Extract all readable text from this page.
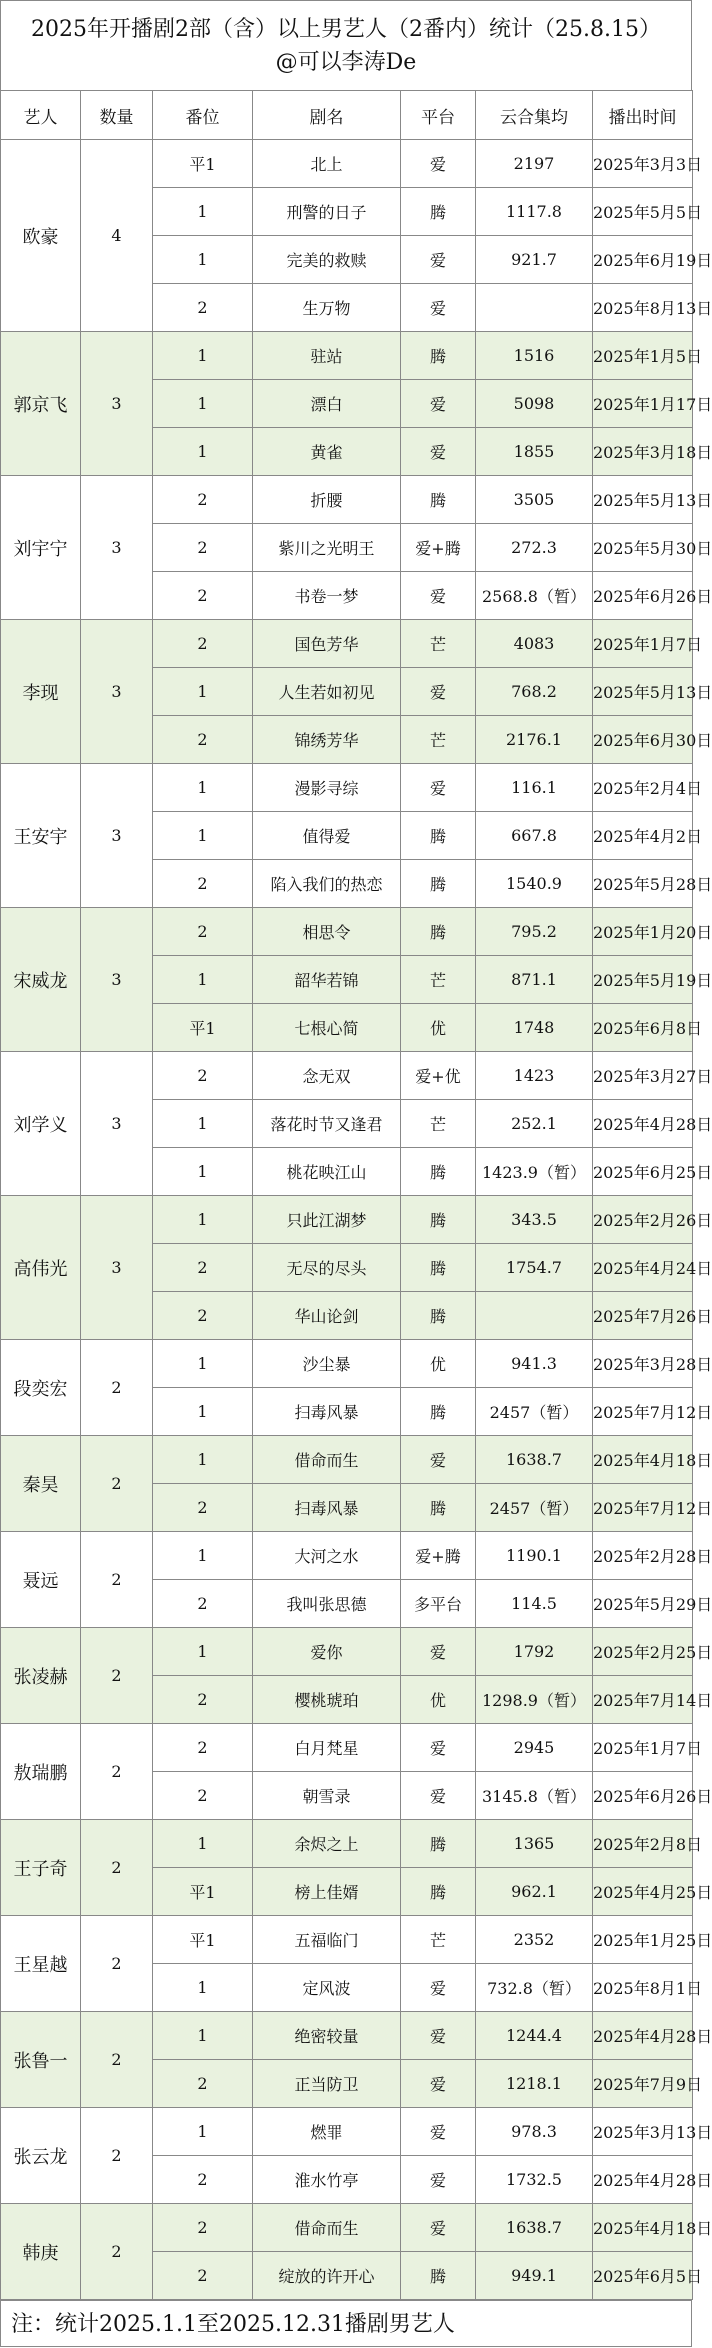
2025年开播剧2部（含）以上男艺人（2番内）统计（25.8.15）
@可以李涛De
艺人	数量	番位	剧名	平台	云合集均	播出时间
欧豪	4	平1	北上	爱	2197	2025年3月3日
		1	刑警的日子	腾	1117.8	2025年5月5日
		1	完美的救赎	爱	921.7	2025年6月19日
		2	生万物	爱		2025年8月13日
郭京飞	3	1	驻站	腾	1516	2025年1月5日
		1	漂白	爱	5098	2025年1月17日
		1	黄雀	爱	1855	2025年3月18日
刘宇宁	3	2	折腰	腾	3505	2025年5月13日
		2	紫川之光明王	爱+腾	272.3	2025年5月30日
		2	书卷一梦	爱	2568.8（暂）	2025年6月26日
李现	3	2	国色芳华	芒	4083	2025年1月7日
		1	人生若如初见	爱	768.2	2025年5月13日
		2	锦绣芳华	芒	2176.1	2025年6月30日
王安宇	3	1	漫影寻综	爱	116.1	2025年2月4日
		1	值得爱	腾	667.8	2025年4月2日
		2	陷入我们的热恋	腾	1540.9	2025年5月28日
宋威龙	3	2	相思令	腾	795.2	2025年1月20日
		1	韶华若锦	芒	871.1	2025年5月19日
		平1	七根心简	优	1748	2025年6月8日
刘学义	3	2	念无双	爱+优	1423	2025年3月27日
		1	落花时节又逢君	芒	252.1	2025年4月28日
		1	桃花映江山	腾	1423.9（暂）	2025年6月25日
高伟光	3	1	只此江湖梦	腾	343.5	2025年2月26日
		2	无尽的尽头	腾	1754.7	2025年4月24日
		2	华山论剑	腾		2025年7月26日
段奕宏	2	1	沙尘暴	优	941.3	2025年3月28日
		1	扫毒风暴	腾	2457（暂）	2025年7月12日
秦昊	2	1	借命而生	爱	1638.7	2025年4月18日
		2	扫毒风暴	腾	2457（暂）	2025年7月12日
聂远	2	1	大河之水	爱+腾	1190.1	2025年2月28日
		2	我叫张思德	多平台	114.5	2025年5月29日
张凌赫	2	1	爱你	爱	1792	2025年2月25日
		2	樱桃琥珀	优	1298.9（暂）	2025年7月14日
敖瑞鹏	2	2	白月梵星	爱	2945	2025年1月7日
		2	朝雪录	爱	3145.8（暂）	2025年6月26日
王子奇	2	1	余烬之上	腾	1365	2025年2月8日
		平1	榜上佳婿	腾	962.1	2025年4月25日
王星越	2	平1	五福临门	芒	2352	2025年1月25日
		1	定风波	爱	732.8（暂）	2025年8月1日
张鲁一	2	1	绝密较量	爱	1244.4	2025年4月28日
		2	正当防卫	爱	1218.1	2025年7月9日
张云龙	2	1	燃罪	爱	978.3	2025年3月13日
		2	淮水竹亭	爱	1732.5	2025年4月28日
韩庚	2	2	借命而生	爱	1638.7	2025年4月18日
		2	绽放的许开心	腾	949.1	2025年6月5日
注：统计2025.1.1至2025.12.31播剧男艺人
